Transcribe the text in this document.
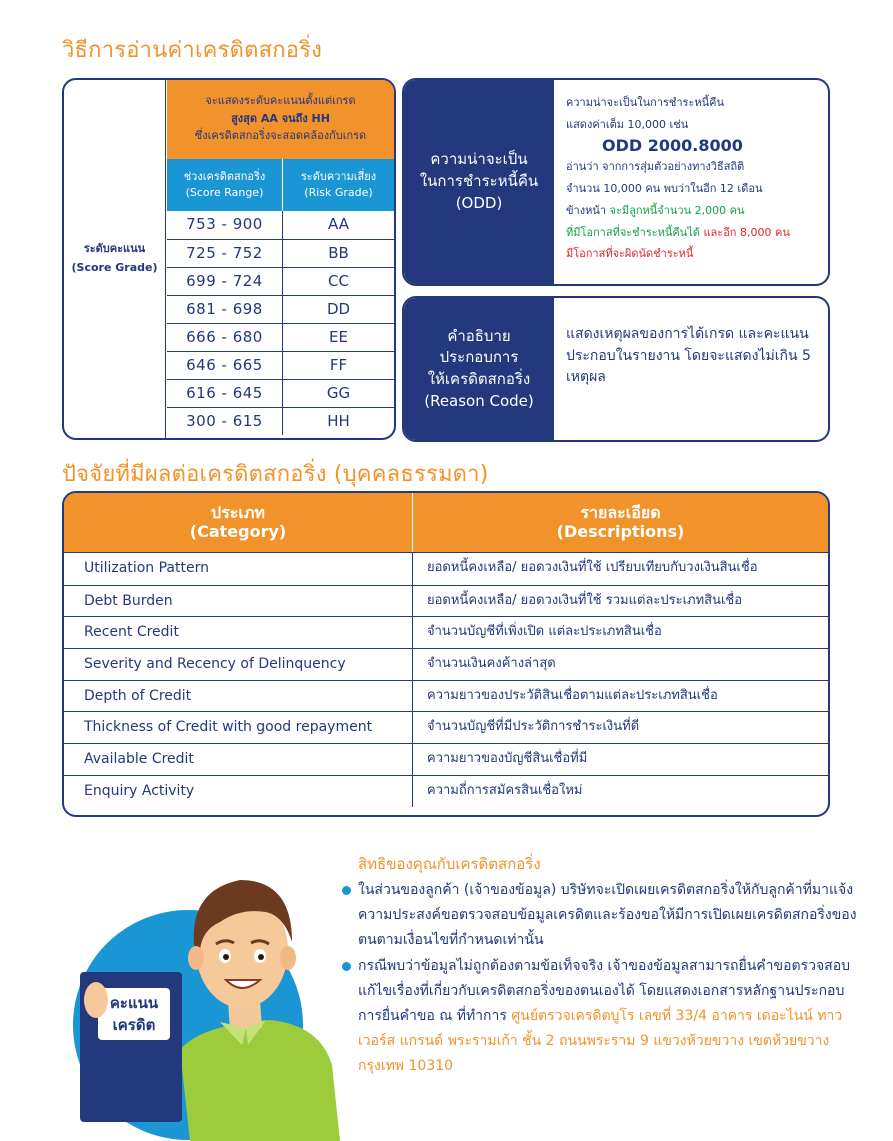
วิธีการอ่านค่าเครดิตสกอริ่ง
ระดับคะแนน
(Score Grade)
จะแสดงระดับคะแนนตั้งแต่เกรด
สูงสุด AA จนถึง HH
ซึ่งเครดิตสกอริ่งจะสอดคล้องกับเกรด
ช่วงเครดิตสกอริ่ง
(Score Range)
ระดับความเสี่ยง
(Risk Grade)
753 - 900	AA
725 - 752	BB
699 - 724	CC
681 - 698	DD
666 - 680	EE
646 - 665	FF
616 - 645	GG
300 - 615	HH
ความน่าจะเป็น
ในการชำระหนี้คืน
(ODD)
ความน่าจะเป็นในการชำระหนี้คืน
แสดงค่าเต็ม 10,000 เช่น
ODD 2000.8000
อ่านว่า จากการสุ่มตัวอย่างทางวิธีสถิติ
จำนวน 10,000 คน พบว่าในอีก 12 เดือน
ข้างหน้า จะมีลูกหนี้จำนวน 2,000 คน
ที่มีโอกาสที่จะชำระหนี้คืนได้ และอีก 8,000 คน
มีโอกาสที่จะผิดนัดชำระหนี้
คำอธิบาย
ประกอบการ
ให้เครดิตสกอริ่ง
(Reason Code)
แสดงเหตุผลของการได้เกรด และคะแนนประกอบในรายงาน โดยจะแสดงไม่เกิน 5 เหตุผล
ปัจจัยที่มีผลต่อเครดิตสกอริ่ง (บุคคลธรรมดา)
ประเภท
(Category)
รายละเอียด
(Descriptions)
Utilization Pattern	ยอดหนี้คงเหลือ/ ยอดวงเงินที่ใช้ เปรียบเทียบกับวงเงินสินเชื่อ
Debt Burden	ยอดหนี้คงเหลือ/ ยอดวงเงินที่ใช้ รวมแต่ละประเภทสินเชื่อ
Recent Credit	จำนวนบัญชีที่เพิ่งเปิด แต่ละประเภทสินเชื่อ
Severity and Recency of Delinquency	จำนวนเงินคงค้างล่าสุด
Depth of Credit	ความยาวของประวัติสินเชื่อตามแต่ละประเภทสินเชื่อ
Thickness of Credit with good repayment	จำนวนบัญชีที่มีประวัติการชำระเงินที่ดี
Available Credit	ความยาวของบัญชีสินเชื่อที่มี
Enquiry Activity	ความถี่การสมัครสินเชื่อใหม่
คะแนน
เครดิต
สิทธิของคุณกับเครดิตสกอริ่ง
ในส่วนของลูกค้า (เจ้าของข้อมูล) บริษัทจะเปิดเผยเครดิตสกอริ่งให้กับลูกค้าที่มาแจ้งความประสงค์ขอตรวจสอบข้อมูลเครดิตและร้องขอให้มีการเปิดเผยเครดิตสกอริ่งของตนตามเงื่อนไขที่กำหนดเท่านั้น
กรณีพบว่าข้อมูลไม่ถูกต้องตามข้อเท็จจริง เจ้าของข้อมูลสามารถยื่นคำขอตรวจสอบแก้ไขเรื่องที่เกี่ยวกับเครดิตสกอริ่งของตนเองได้ โดยแสดงเอกสารหลักฐานประกอบการยื่นคำขอ ณ ที่ทำการ ศูนย์ตรวจเครดิตบูโร เลขที่ 33/4 อาคาร เดอะไนน์ ทาวเวอร์ส แกรนด์ พระรามเก้า ชั้น 2 ถนนพระราม 9 แขวงห้วยขวาง เขตห้วยขวาง กรุงเทพ 10310
